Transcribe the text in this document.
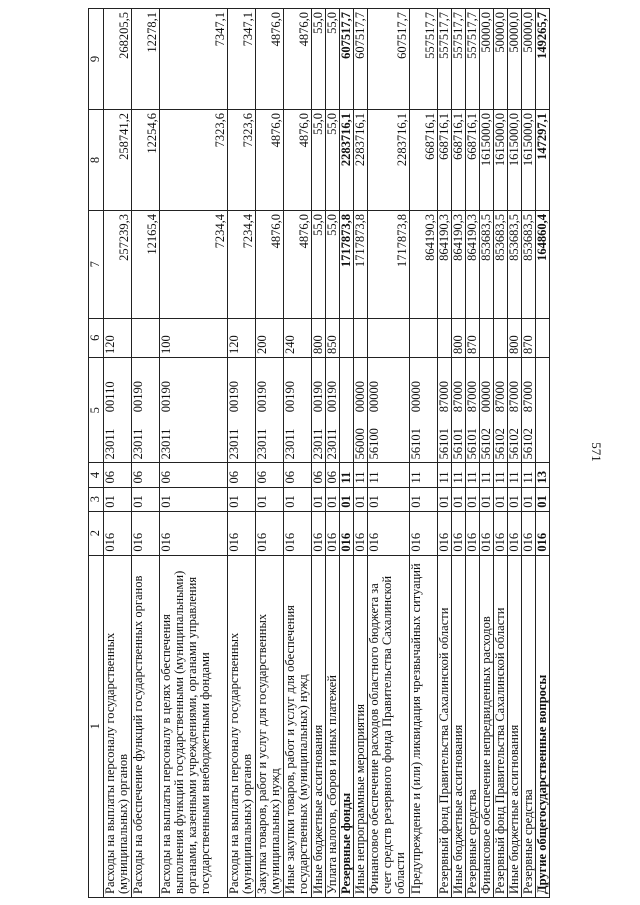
571
1	2	3	4	5	6	7	8	9
Расходы на выплаты персоналу государственных (муниципальных) органов	016	01	06	2301100110	120	257239,3	258741,2	268205,5
Расходы на обеспечение функций государственных органов	016	01	06	2301100190		12165,4	12254,6	12278,1
Расходы на выплаты персоналу в целях обеспечения выполнения функций государственными (муниципальными) органами, казенными учреждениями, органами управления государственными внебюджетными фондами	016	01	06	2301100190	100	7234,4	7323,6	7347,1
Расходы на выплаты персоналу государственных (муниципальных) органов	016	01	06	2301100190	120	7234,4	7323,6	7347,1
Закупка товаров, работ и услуг для государственных (муниципальных) нужд	016	01	06	2301100190	200	4876,0	4876,0	4876,0
Иные закупки товаров, работ и услуг для обеспечения государственных (муниципальных) нужд	016	01	06	2301100190	240	4876,0	4876,0	4876,0
Иные бюджетные ассигнования	016	01	06	2301100190	800	55,0	55,0	55,0
Уплата налогов, сборов и иных платежей	016	01	06	2301100190	850	55,0	55,0	55,0
Резервные фонды	016	01	11			1717873,8	2283716,1	607517,7
Иные непрограммные мероприятия	016	01	11	5600000000		1717873,8	2283716,1	607517,7
Финансовое обеспечение расходов областного бюджета за счет средств резервного фонда Правительства Сахалинской области	016	01	11	5610000000		1717873,8	2283716,1	607517,7
Предупреждение и (или) ликвидация чрезвычайных ситуаций	016	01	11	5610100000		864190,3	668716,1	557517,7
Резервный фонд Правительства Сахалинской области	016	01	11	5610187000		864190,3	668716,1	557517,7
Иные бюджетные ассигнования	016	01	11	5610187000	800	864190,3	668716,1	557517,7
Резервные средства	016	01	11	5610187000	870	864190,3	668716,1	557517,7
Финансовое обеспечение непредвиденных расходов	016	01	11	5610200000		853683,5	1615000,0	50000,0
Резервный фонд Правительства Сахалинской области	016	01	11	5610287000		853683,5	1615000,0	50000,0
Иные бюджетные ассигнования	016	01	11	5610287000	800	853683,5	1615000,0	50000,0
Резервные средства	016	01	11	5610287000	870	853683,5	1615000,0	50000,0
Другие общегосударственные вопросы	016	01	13			164860,4	147297,1	149265,7
